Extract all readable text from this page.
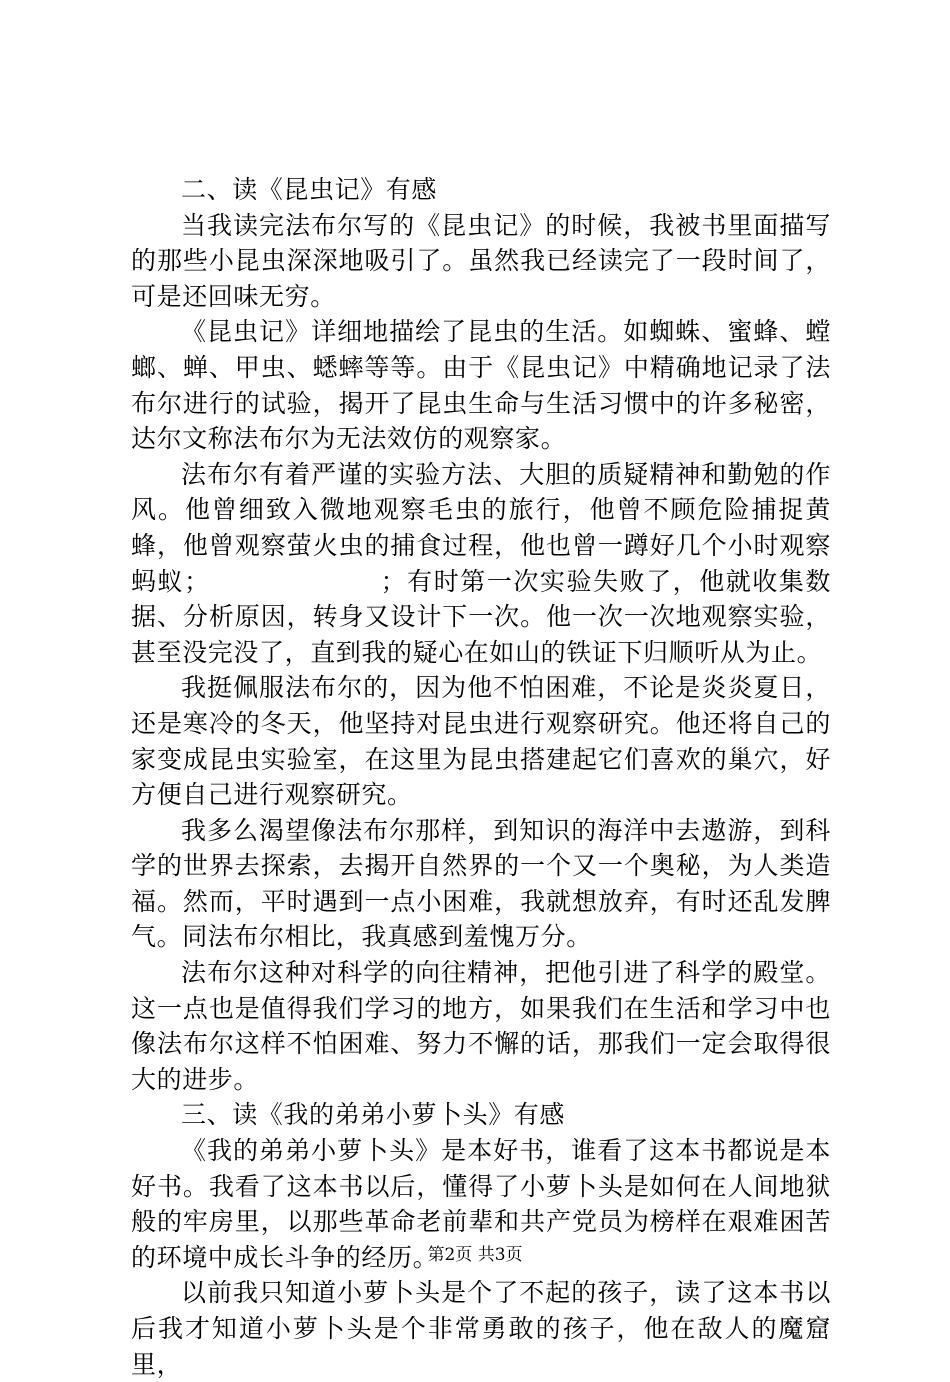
二、读《昆虫记》有感

当我读完法布尔写的《昆虫记》的时候，我被书里面描写的那些小昆虫深深地吸引了。虽然我已经读完了一段时间了，可是还回味无穷。

《昆虫记》详细地描绘了昆虫的生活。如蜘蛛、蜜蜂、螳螂、蝉、甲虫、蟋蟀等等。由于《昆虫记》中精确地记录了法布尔进行的试验，揭开了昆虫生命与生活习惯中的许多秘密，达尔文称法布尔为无法效仿的观察家。

法布尔有着严谨的实验方法、大胆的质疑精神和勤勉的作风。他曾细致入微地观察毛虫的旅行，他曾不顾危险捕捉黄蜂，他曾观察萤火虫的捕食过程，他也曾一蹲好几个小时观察蚂蚁；                  ；有时第一次实验失败了，他就收集数据、分析原因，转身又设计下一次。他一次一次地观察实验，甚至没完没了，直到我的疑心在如山的铁证下归顺听从为止。

我挺佩服法布尔的，因为他不怕困难，不论是炎炎夏日，还是寒冷的冬天，他坚持对昆虫进行观察研究。他还将自己的家变成昆虫实验室，在这里为昆虫搭建起它们喜欢的巢穴，好方便自己进行观察研究。

我多么渴望像法布尔那样，到知识的海洋中去遨游，到科学的世界去探索，去揭开自然界的一个又一个奥秘，为人类造福。然而，平时遇到一点小困难，我就想放弃，有时还乱发脾气。同法布尔相比，我真感到羞愧万分。

法布尔这种对科学的向往精神，把他引进了科学的殿堂。这一点也是值得我们学习的地方，如果我们在生活和学习中也像法布尔这样不怕困难、努力不懈的话，那我们一定会取得很大的进步。

三、读《我的弟弟小萝卜头》有感

《我的弟弟小萝卜头》是本好书，谁看了这本书都说是本好书。我看了这本书以后，懂得了小萝卜头是如何在人间地狱般的牢房里，以那些革命老前辈和共产党员为榜样在艰难困苦的环境中成长斗争的经历。

以前我只知道小萝卜头是个了不起的孩子，读了这本书以后我才知道小萝卜头是个非常勇敢的孩子，他在敌人的魔窟里，

第2页 共3页
